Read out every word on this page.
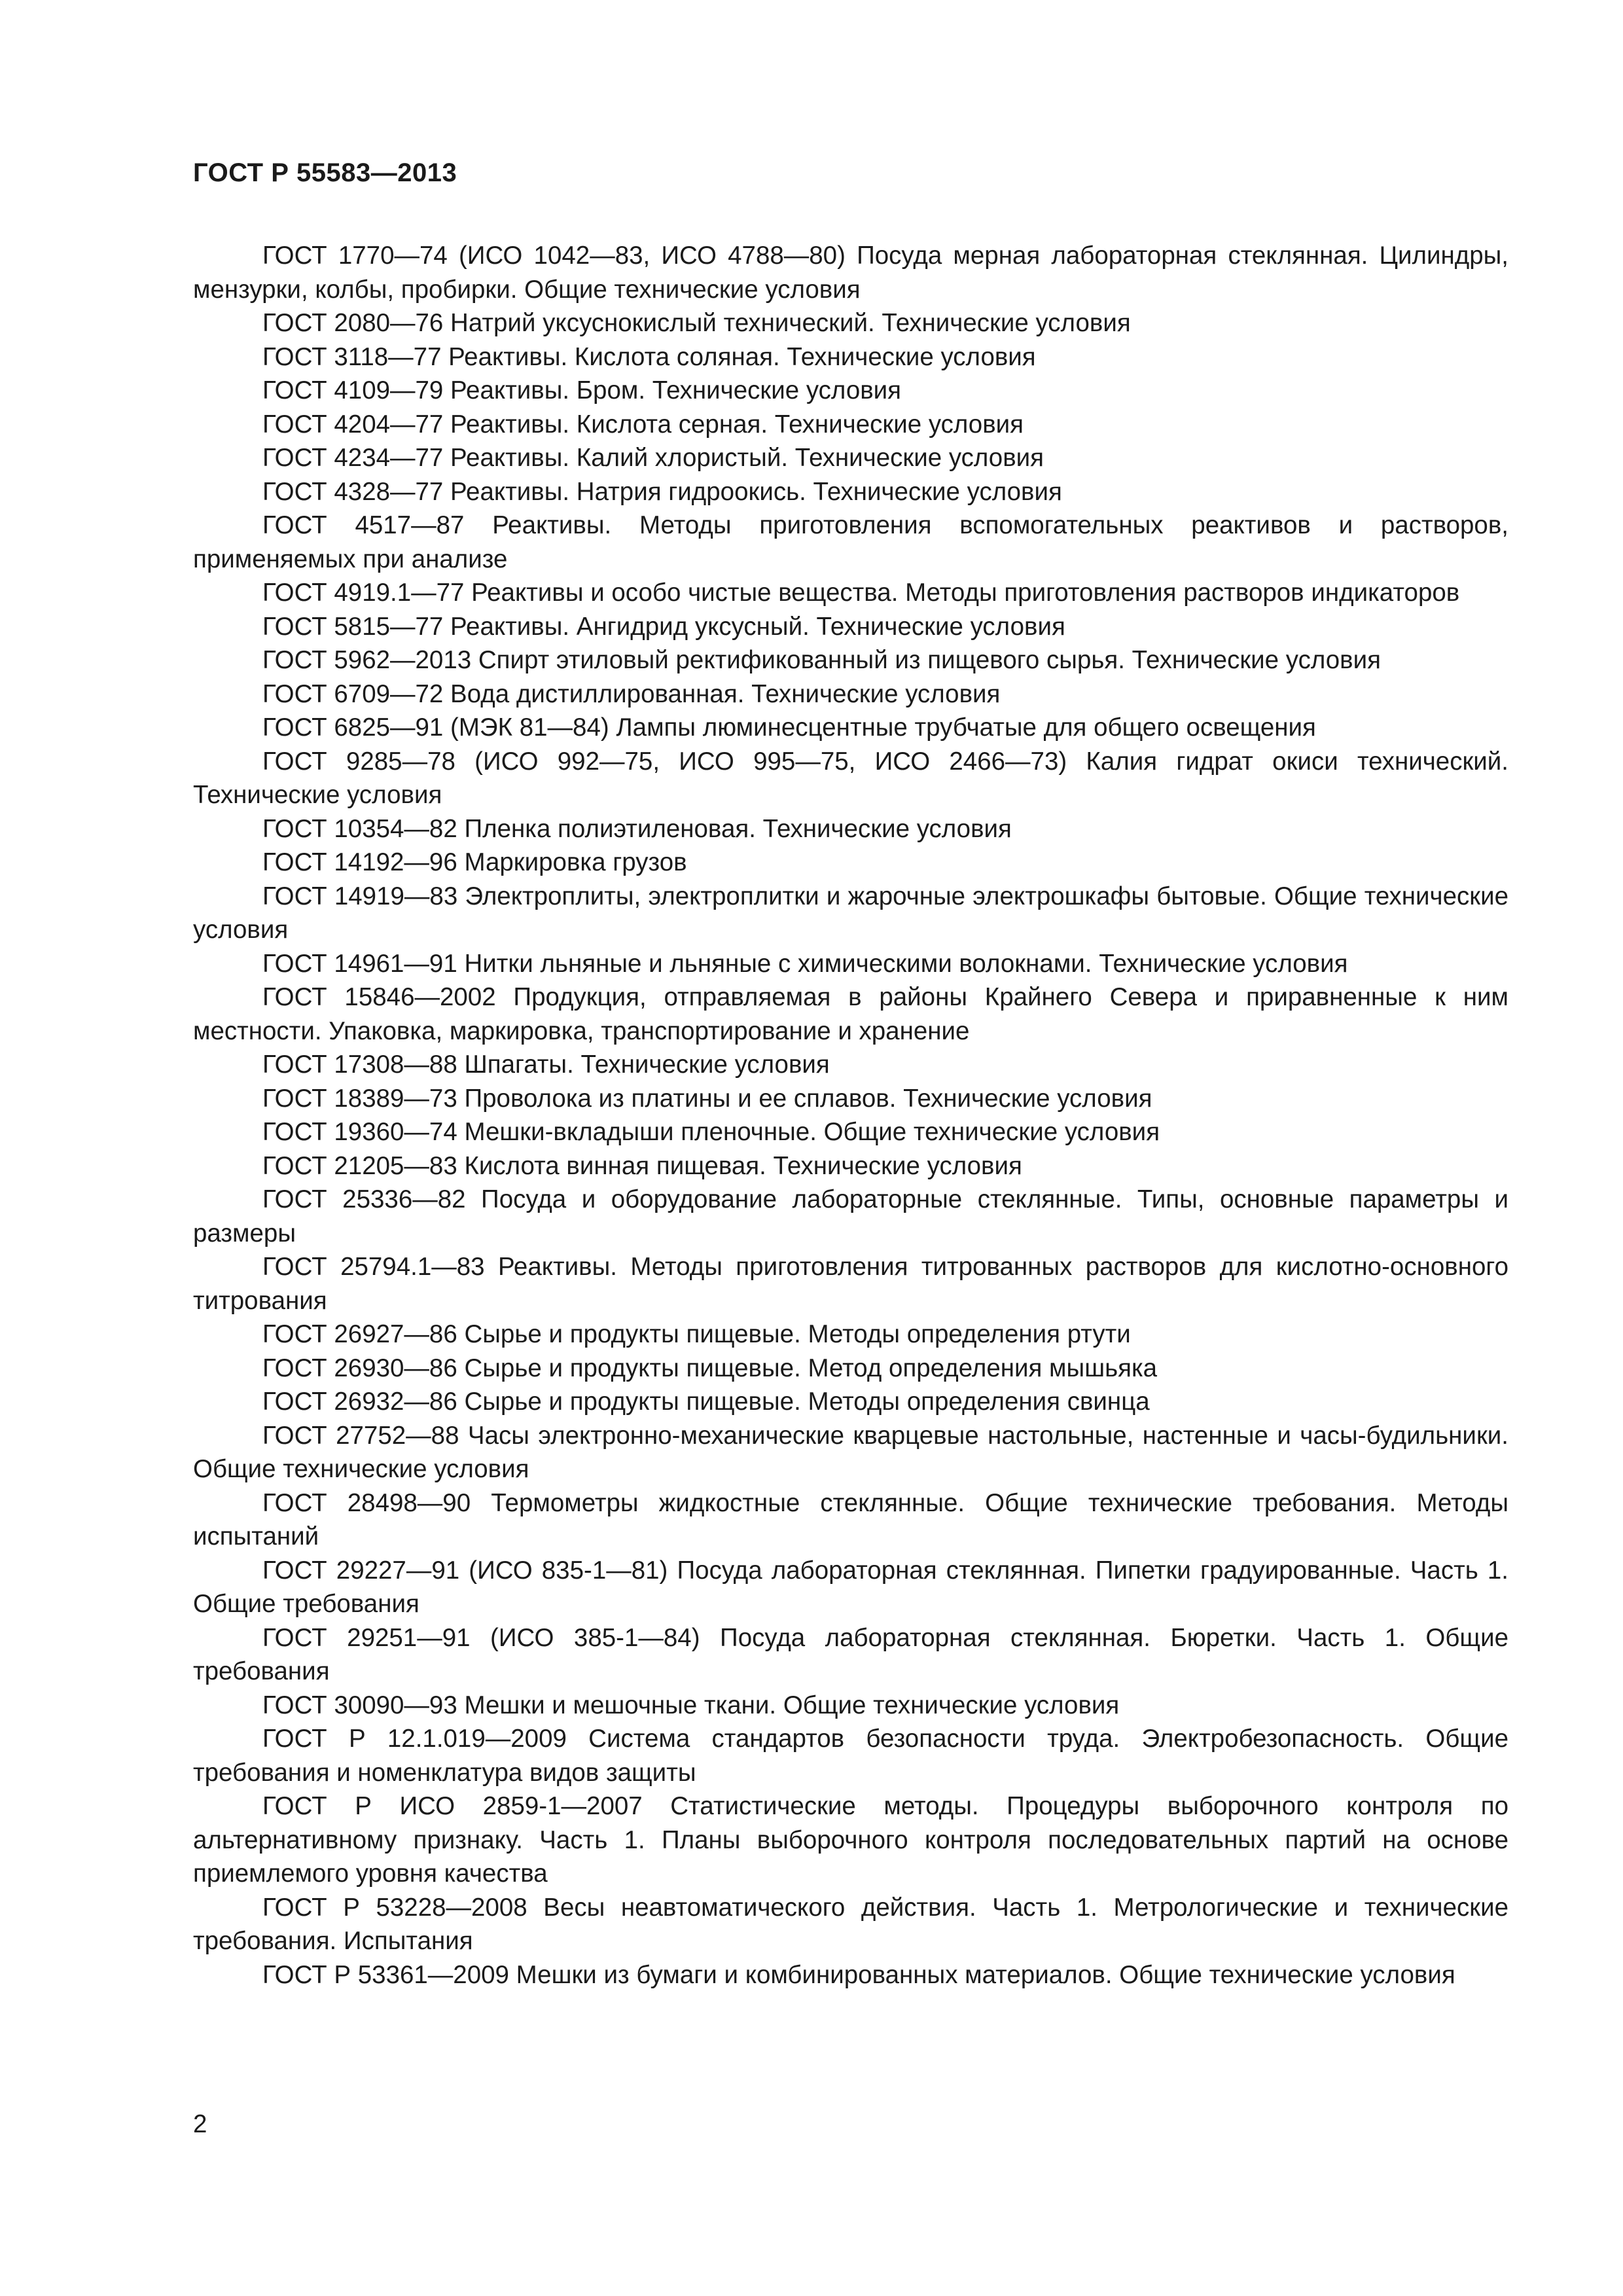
ГОСТ Р 55583—2013

ГОСТ 1770—74 (ИСО 1042—83, ИСО 4788—80) Посуда мерная лабораторная стеклянная. Цилиндры, мензурки, колбы, пробирки. Общие технические условия

ГОСТ 2080—76 Натрий уксуснокислый технический. Технические условия

ГОСТ 3118—77 Реактивы. Кислота соляная. Технические условия

ГОСТ 4109—79 Реактивы. Бром. Технические условия

ГОСТ 4204—77 Реактивы. Кислота серная. Технические условия

ГОСТ 4234—77 Реактивы. Калий хлористый. Технические условия

ГОСТ 4328—77 Реактивы. Натрия гидроокись. Технические условия

ГОСТ 4517—87 Реактивы. Методы приготовления вспомогательных реактивов и растворов, применяемых при анализе

ГОСТ 4919.1—77 Реактивы и особо чистые вещества. Методы приготовления растворов индикаторов

ГОСТ 5815—77 Реактивы. Ангидрид уксусный. Технические условия

ГОСТ 5962—2013 Спирт этиловый ректификованный из пищевого сырья. Технические условия

ГОСТ 6709—72 Вода дистиллированная. Технические условия

ГОСТ 6825—91 (МЭК 81—84) Лампы люминесцентные трубчатые для общего освещения

ГОСТ 9285—78 (ИСО 992—75, ИСО 995—75, ИСО 2466—73) Калия гидрат окиси технический. Технические условия

ГОСТ 10354—82 Пленка полиэтиленовая. Технические условия

ГОСТ 14192—96 Маркировка грузов

ГОСТ 14919—83 Электроплиты, электроплитки и жарочные электрошкафы бытовые. Общие технические условия

ГОСТ 14961—91 Нитки льняные и льняные с химическими волокнами. Технические условия

ГОСТ 15846—2002 Продукция, отправляемая в районы Крайнего Севера и приравненные к ним местности. Упаковка, маркировка, транспортирование и хранение

ГОСТ 17308—88 Шпагаты. Технические условия

ГОСТ 18389—73 Проволока из платины и ее сплавов. Технические условия

ГОСТ 19360—74 Мешки-вкладыши пленочные. Общие технические условия

ГОСТ 21205—83 Кислота винная пищевая. Технические условия

ГОСТ 25336—82 Посуда и оборудование лабораторные стеклянные. Типы, основные параметры и размеры

ГОСТ 25794.1—83 Реактивы. Методы приготовления титрованных растворов для кислотно-основного титрования

ГОСТ 26927—86 Сырье и продукты пищевые. Методы определения ртути

ГОСТ 26930—86 Сырье и продукты пищевые. Метод определения мышьяка

ГОСТ 26932—86 Сырье и продукты пищевые. Методы определения свинца

ГОСТ 27752—88 Часы электронно-механические кварцевые настольные, настенные и часы-будильники. Общие технические условия

ГОСТ 28498—90 Термометры жидкостные стеклянные. Общие технические требования. Методы испытаний

ГОСТ 29227—91 (ИСО 835-1—81) Посуда лабораторная стеклянная. Пипетки градуированные. Часть 1. Общие требования

ГОСТ 29251—91 (ИСО 385-1—84) Посуда лабораторная стеклянная. Бюретки. Часть 1. Общие требования

ГОСТ 30090—93 Мешки и мешочные ткани. Общие технические условия

ГОСТ Р 12.1.019—2009 Система стандартов безопасности труда. Электробезопасность. Общие требования и номенклатура видов защиты

ГОСТ Р ИСО 2859-1—2007 Статистические методы. Процедуры выборочного контроля по альтернативному признаку. Часть 1. Планы выборочного контроля последовательных партий на основе приемлемого уровня качества

ГОСТ Р 53228—2008 Весы неавтоматического действия. Часть 1. Метрологические и технические требования. Испытания

ГОСТ Р 53361—2009 Мешки из бумаги и комбинированных материалов. Общие технические условия

2
